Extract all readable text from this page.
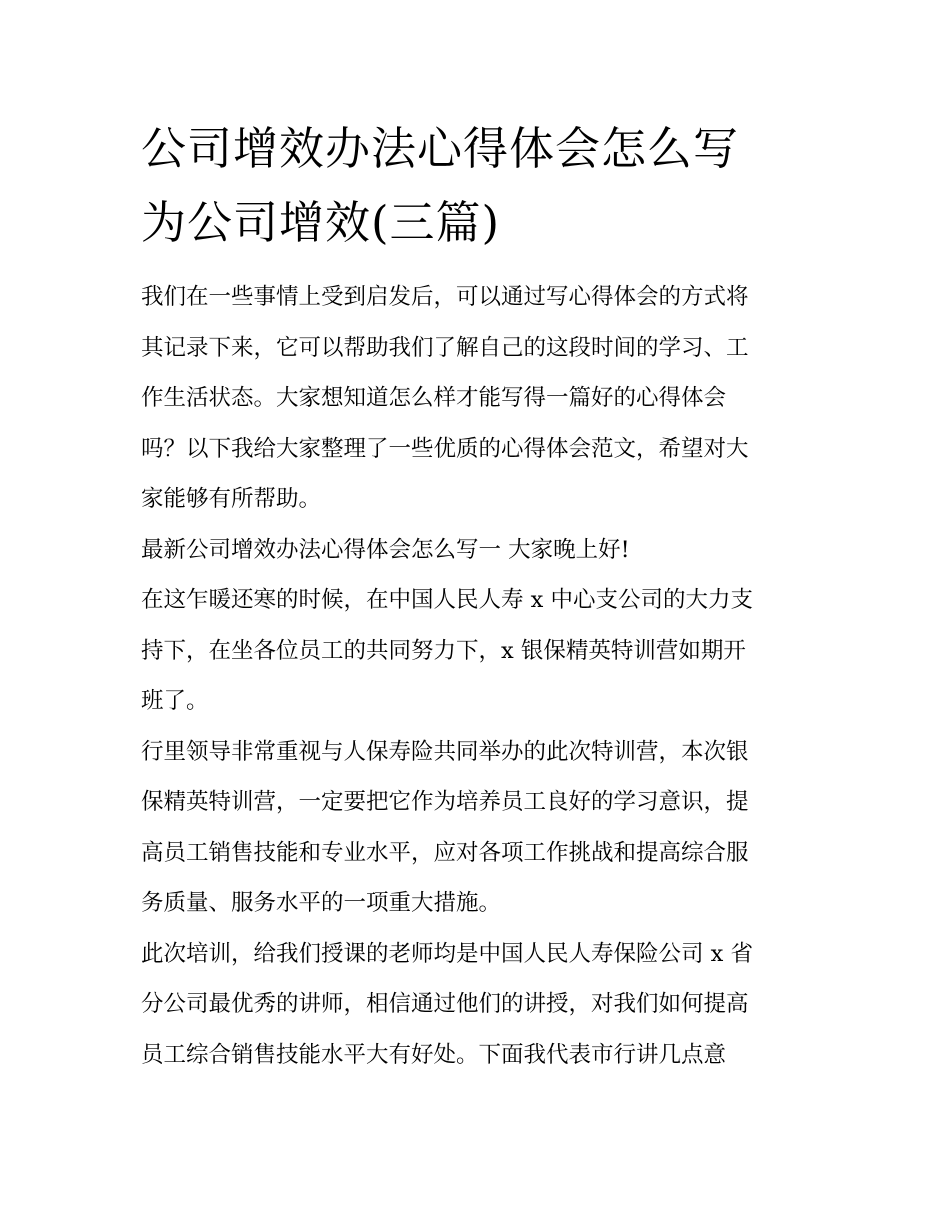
公司增效办法心得体会怎么写
为公司增效(三篇)

我们在一些事情上受到启发后，可以通过写心得体会的方式将
其记录下来，它可以帮助我们了解自己的这段时间的学习、工
作生活状态。大家想知道怎么样才能写得一篇好的心得体会
吗？以下我给大家整理了一些优质的心得体会范文，希望对大
家能够有所帮助。

最新公司增效办法心得体会怎么写一 大家晚上好!

在这乍暖还寒的时候，在中国人民人寿 x 中心支公司的大力支
持下，在坐各位员工的共同努力下，x 银保精英特训营如期开
班了。

行里领导非常重视与人保寿险共同举办的此次特训营，本次银
保精英特训营，一定要把它作为培养员工良好的学习意识，提
高员工销售技能和专业水平，应对各项工作挑战和提高综合服
务质量、服务水平的一项重大措施。

此次培训，给我们授课的老师均是中国人民人寿保险公司 x 省
分公司最优秀的讲师，相信通过他们的讲授，对我们如何提高
员工综合销售技能水平大有好处。下面我代表市行讲几点意
